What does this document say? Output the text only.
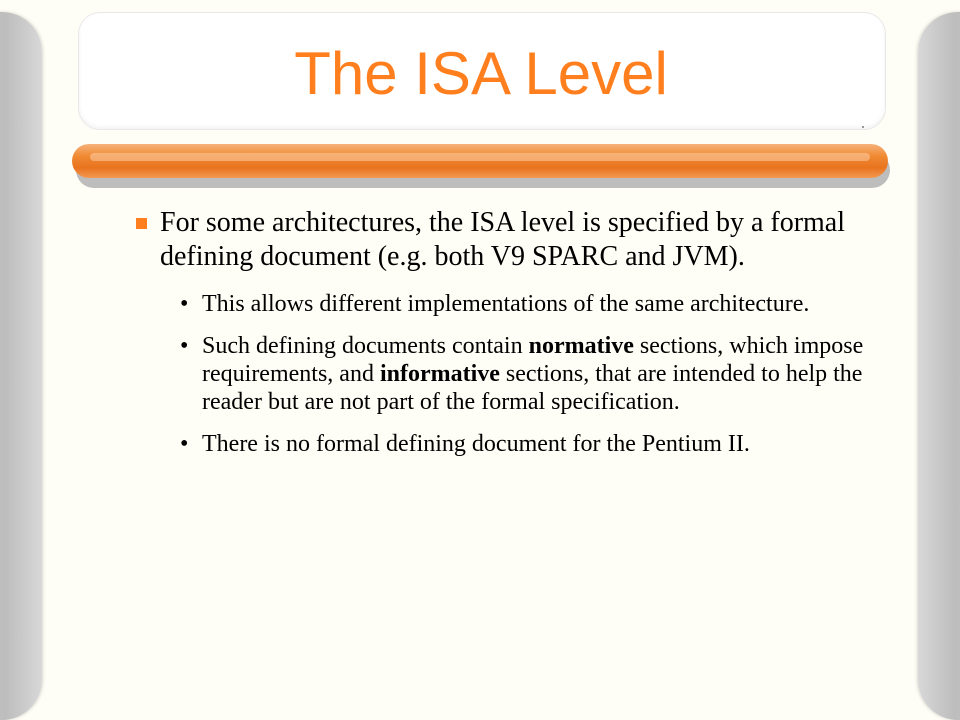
The ISA Level
For some architectures, the ISA level is specified by a formal defining document (e.g. both V9 SPARC and JVM).
• This allows different implementations of the same architecture.
• Such defining documents contain normative sections, which impose requirements, and informative sections, that are intended to help the reader but are not part of the formal specification.
• There is no formal defining document for the Pentium II.
